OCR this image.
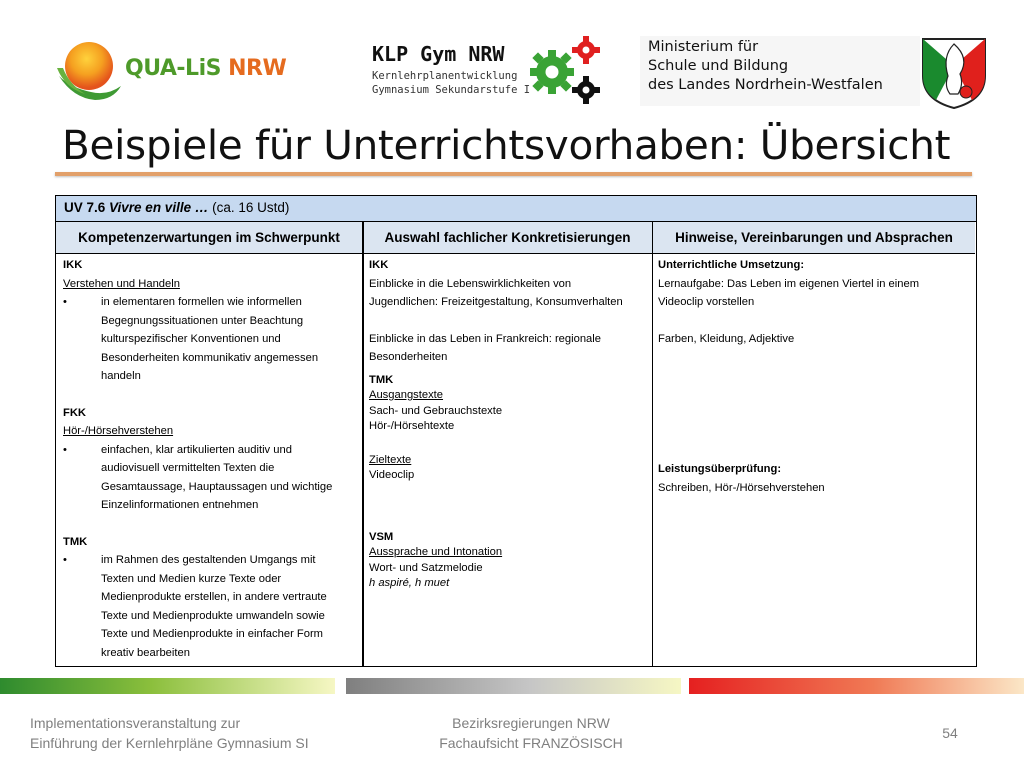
QUA-LiS NRW
KLP Gym NRW
Kernlehrplanentwicklung
Gymnasium Sekundarstufe I
Ministerium für
Schule und Bildung
des Landes Nordrhein-Westfalen
Beispiele für Unterrichtsvorhaben: Übersicht
UV 7.6 Vivre en ville … (ca. 16 Ustd)
Kompetenzerwartungen im Schwerpunkt	Auswahl fachlicher Konkretisierungen	Hinweise, Vereinbarungen und Absprachen
IKK
Verstehen und Handeln
• in elementaren formellen wie informellen
Begegnungssituationen unter Beachtung
kulturspezifischer Konventionen und
Besonderheiten kommunikativ angemessen
handeln
FKK
Hör-/Hörsehverstehen
• einfachen, klar artikulierten auditiv und
audiovisuell vermittelten Texten die
Gesamtaussage, Hauptaussagen und wichtige
Einzelinformationen entnehmen
TMK
• im Rahmen des gestaltenden Umgangs mit
Texten und Medien kurze Texte oder
Medienprodukte erstellen, in andere vertraute
Texte und Medienprodukte umwandeln sowie
Texte und Medienprodukte in einfacher Form
kreativ bearbeiten
IKK
Einblicke in die Lebenswirklichkeiten von
Jugendlichen: Freizeitgestaltung, Konsumverhalten
Einblicke in das Leben in Frankreich: regionale
Besonderheiten
TMK
Ausgangstexte
Sach- und Gebrauchstexte
Hör-/Hörsehtexte
Zieltexte
Videoclip
VSM
Aussprache und Intonation
Wort- und Satzmelodie
h aspiré, h muet
Unterrichtliche Umsetzung:
Lernaufgabe: Das Leben im eigenen Viertel in einem
Videoclip vorstellen
Farben, Kleidung, Adjektive
Leistungsüberprüfung:
Schreiben, Hör-/Hörsehverstehen
Implementationsveranstaltung zur
Einführung der Kernlehrpläne Gymnasium SI
Bezirksregierungen NRW
Fachaufsicht FRANZÖSISCH
54
